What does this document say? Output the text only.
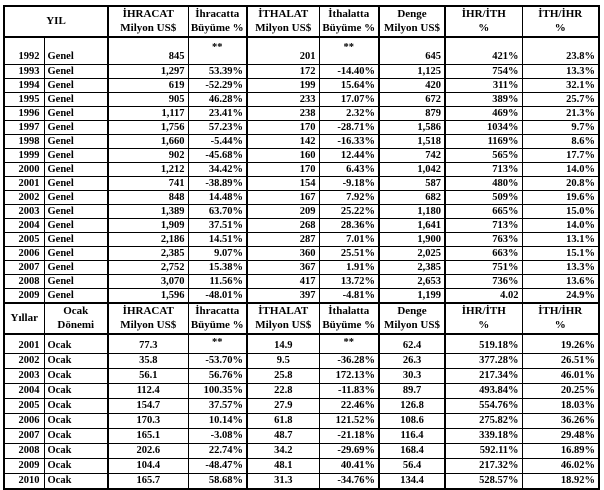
YIL	
İHRACAT
Milyon US$

İhracatta
Büyüme %

İTHALAT
Milyon US$

İthalatta
Büyüme %

Denge
Milyon US$

İHR/İTH
%

İTH/İHR
%

1992	Genel	845	**	201	**	645	421%	23.8%
1993	Genel	1,297	53.39%	172	-14.40%	1,125	754%	13.3%
1994	Genel	619	-52.29%	199	15.64%	420	311%	32.1%
1995	Genel	905	46.28%	233	17.07%	672	389%	25.7%
1996	Genel	1,117	23.41%	238	2.32%	879	469%	21.3%
1997	Genel	1,756	57.23%	170	-28.71%	1,586	1034%	9.7%
1998	Genel	1,660	-5.44%	142	-16.33%	1,518	1169%	8.6%
1999	Genel	902	-45.68%	160	12.44%	742	565%	17.7%
2000	Genel	1,212	34.42%	170	6.43%	1,042	713%	14.0%
2001	Genel	741	-38.89%	154	-9.18%	587	480%	20.8%
2002	Genel	848	14.48%	167	7.92%	682	509%	19.6%
2003	Genel	1,389	63.70%	209	25.22%	1,180	665%	15.0%
2004	Genel	1,909	37.51%	268	28.36%	1,641	713%	14.0%
2005	Genel	2,186	14.51%	287	7.01%	1,900	763%	13.1%
2006	Genel	2,385	9.07%	360	25.51%	2,025	663%	15.1%
2007	Genel	2,752	15.38%	367	1.91%	2,385	751%	13.3%
2008	Genel	3,070	11.56%	417	13.72%	2,653	736%	13.6%
2009	Genel	1,596	-48.01%	397	-4.81%	1,199	4.02	24.9%
Yıllar	
Ocak
Dönemi

İHRACAT
Milyon US$

İhracatta
Büyüme %

İTHALAT
Milyon US$

İthalatta
Büyüme %

Denge
Milyon US$

İHR/İTH
%

İTH/İHR
%

2001	Ocak	77.3	**	14.9	**	62.4	519.18%	19.26%
2002	Ocak	35.8	-53.70%	9.5	-36.28%	26.3	377.28%	26.51%
2003	Ocak	56.1	56.76%	25.8	172.13%	30.3	217.34%	46.01%
2004	Ocak	112.4	100.35%	22.8	-11.83%	89.7	493.84%	20.25%
2005	Ocak	154.7	37.57%	27.9	22.46%	126.8	554.76%	18.03%
2006	Ocak	170.3	10.14%	61.8	121.52%	108.6	275.82%	36.26%
2007	Ocak	165.1	-3.08%	48.7	-21.18%	116.4	339.18%	29.48%
2008	Ocak	202.6	22.74%	34.2	-29.69%	168.4	592.11%	16.89%
2009	Ocak	104.4	-48.47%	48.1	40.41%	56.4	217.32%	46.02%
2010	Ocak	165.7	58.68%	31.3	-34.76%	134.4	528.57%	18.92%
